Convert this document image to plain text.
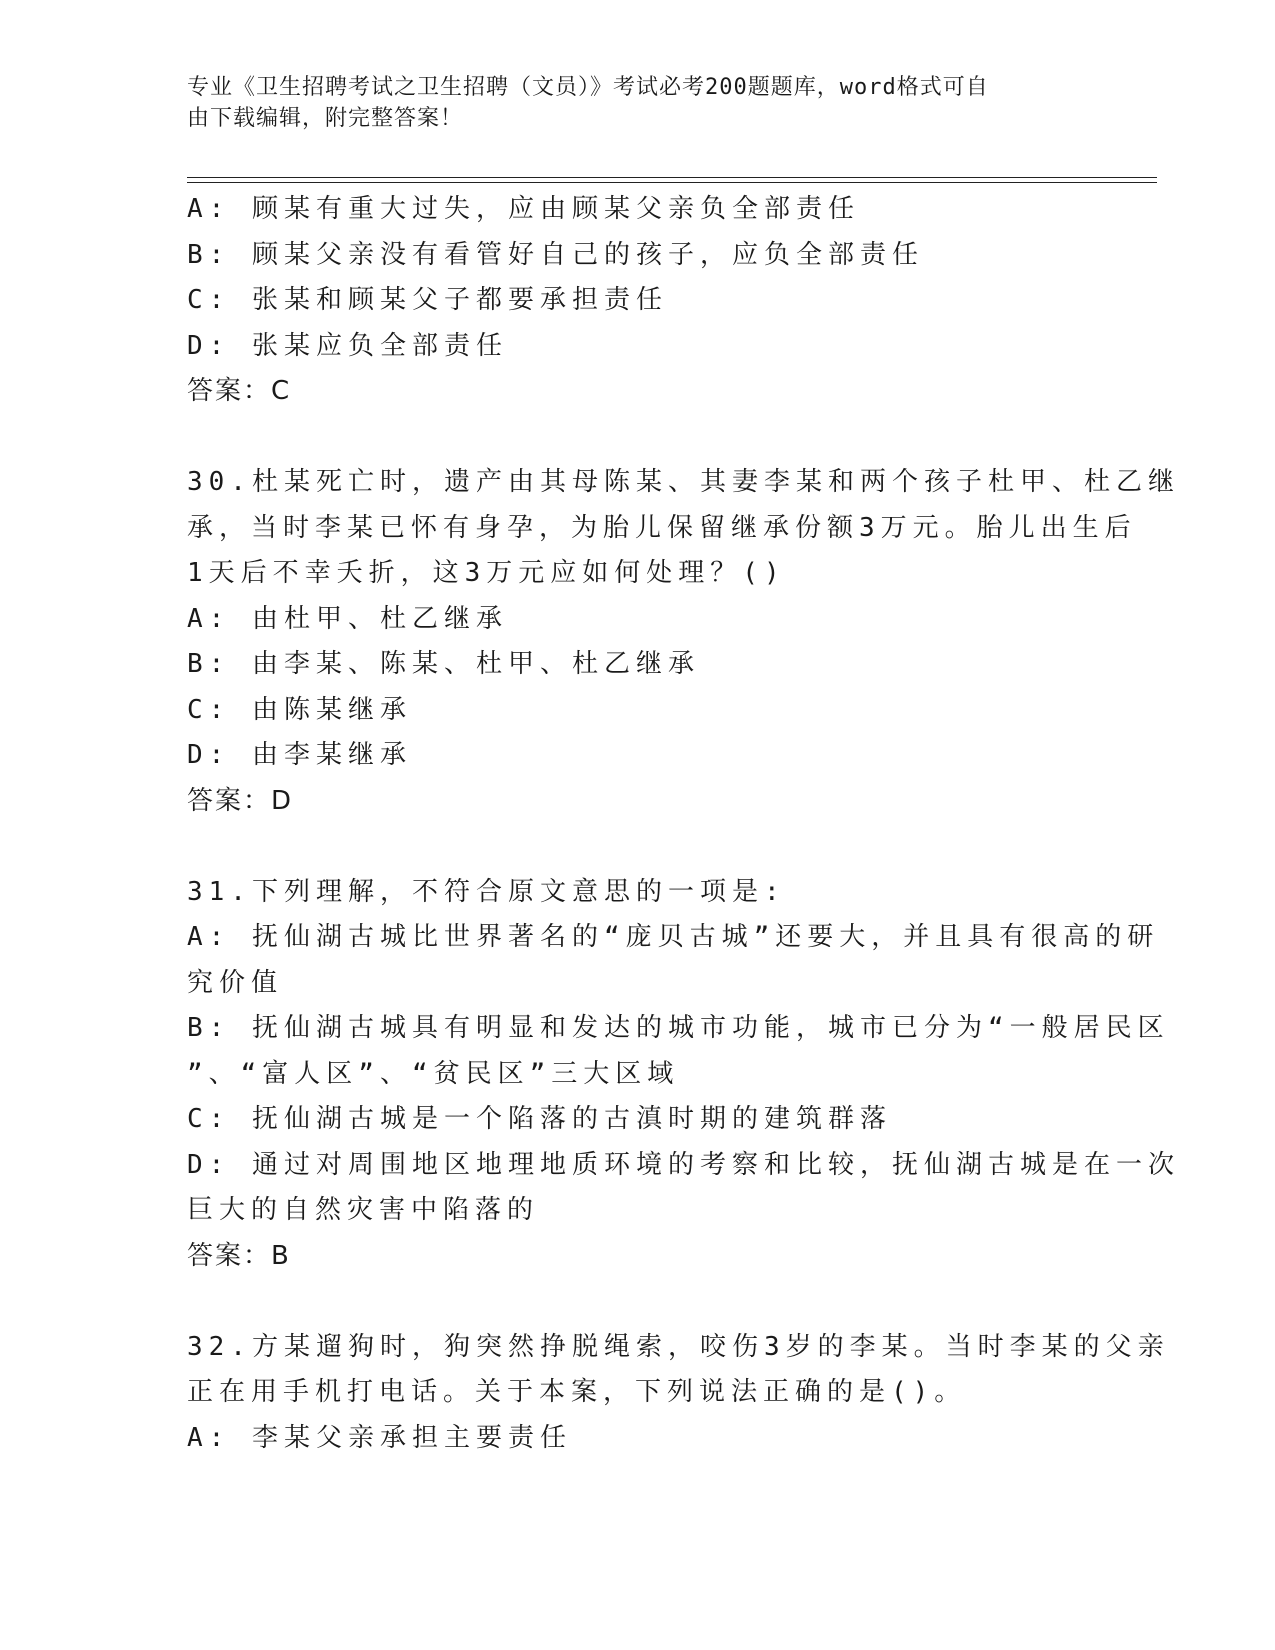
专业《卫生招聘考试之卫生招聘（文员）》考试必考200题题库，word格式可自
由下载编辑，附完整答案！
A: 顾某有重大过失，应由顾某父亲负全部责任
B: 顾某父亲没有看管好自己的孩子，应负全部责任
C: 张某和顾某父子都要承担责任
D: 张某应负全部责任
答案：C
30.杜某死亡时，遗产由其母陈某、其妻李某和两个孩子杜甲、杜乙继
承，当时李某已怀有身孕，为胎儿保留继承份额3万元。胎儿出生后
1天后不幸夭折，这3万元应如何处理？()
A: 由杜甲、杜乙继承
B: 由李某、陈某、杜甲、杜乙继承
C: 由陈某继承
D: 由李某继承
答案：D
31.下列理解，不符合原文意思的一项是:
A: 抚仙湖古城比世界著名的“庞贝古城”还要大，并且具有很高的研
究价值
B: 抚仙湖古城具有明显和发达的城市功能，城市已分为“一般居民区
”、“富人区”、“贫民区”三大区域
C: 抚仙湖古城是一个陷落的古滇时期的建筑群落
D: 通过对周围地区地理地质环境的考察和比较，抚仙湖古城是在一次
巨大的自然灾害中陷落的
答案：B
32.方某遛狗时，狗突然挣脱绳索，咬伤3岁的李某。当时李某的父亲
正在用手机打电话。关于本案，下列说法正确的是()。
A: 李某父亲承担主要责任
